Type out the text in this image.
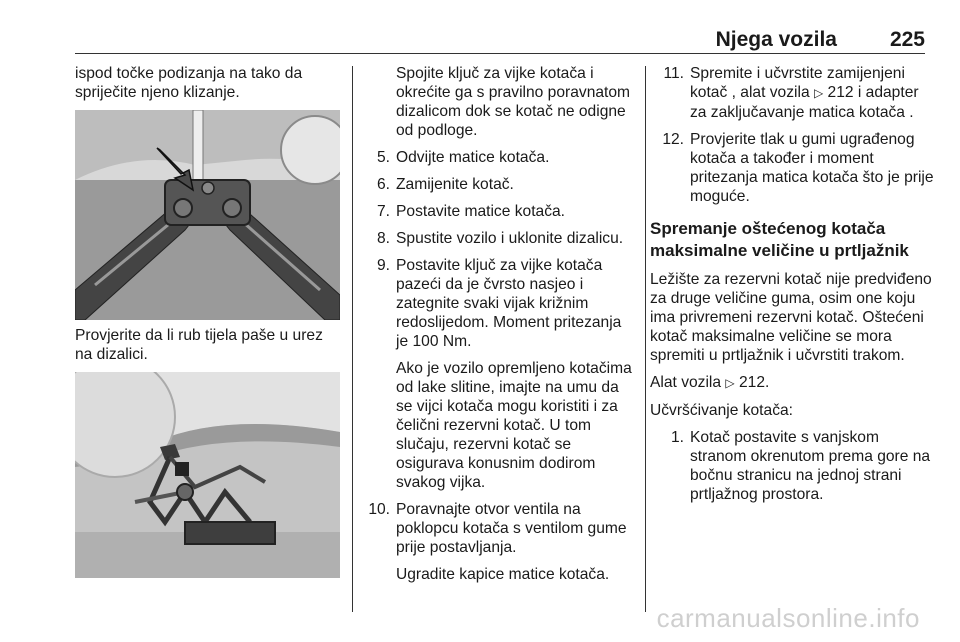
Njega vozila	225

ispod točke podizanja na tako da spriječite njeno klizanje.

Provjerite da li rub tijela paše u urez na dizalici.

Spojite ključ za vijke kotača i okrećite ga s pravilno poravnatom dizalicom dok se kotač ne odigne od podloge.

5. Odvijte matice kotača.
6. Zamijenite kotač.
7. Postavite matice kotača.
8. Spustite vozilo i uklonite dizalicu.
9. Postavite ključ za vijke kotača pazeći da je čvrsto nasjeo i zategnite svaki vijak križnim redoslijedom. Moment pritezanja je 100 Nm.

Ako je vozilo opremljeno kotačima od lake slitine, imajte na umu da se vijci kotača mogu koristiti i za čelični rezervni kotač. U tom slučaju, rezervni kotač se osigurava konusnim dodirom svakog vijka.

10. Poravnajte otvor ventila na poklopcu kotača s ventilom gume prije postavljanja.

Ugradite kapice matice kotača.

11. Spremite i učvrstite zamijenjeni kotač , alat vozila ▷ 212 i adapter za zaključavanje matica kotača .
12. Provjerite tlak u gumi ugrađenog kotača a također i moment pritezanja matica kotača što je prije moguće.
Spremanje oštećenog kotača maksimalne veličine u prtljažnik

Ležište za rezervni kotač nije predviđeno za druge veličine guma, osim one koju ima privremeni rezervni kotač. Oštećeni kotač maksimalne veličine se mora spremiti u prtljažnik i učvrstiti trakom.

Alat vozila ▷ 212.

Učvršćivanje kotača:

1. Kotač postavite s vanjskom stranom okrenutom prema gore na bočnu stranicu na jednoj strani prtljažnog prostora.
carmanualsonline.info
